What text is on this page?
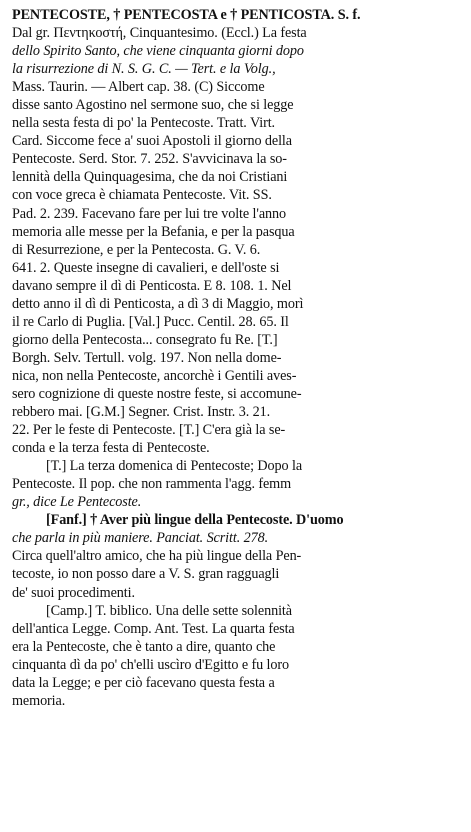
PENTECOSTE, † PENTECOSTA e † PENTICOSTA. S. f.
Dal gr. Πεντηκοστή, Cinquantesimo. (Eccl.) La festa
dello Spirito Santo, che viene cinquanta giorni dopo
la risurrezione di N. S. G. C. — Tert. e la Volg.,
Mass. Taurin. — Albert cap. 38. (C) Siccome
disse santo Agostino nel sermone suo, che si legge
nella sesta festa di po' la Pentecoste. Tratt. Virt.
Card. Siccome fece a' suoi Apostoli il giorno della
Pentecoste. Serd. Stor. 7. 252. S'avvicinava la so-
lennità della Quinquagesima, che da noi Cristiani
con voce greca è chiamata Pentecoste. Vit. SS.
Pad. 2. 239. Facevano fare per lui tre volte l'anno
memoria alle messe per la Befania, e per la pasqua
di Resurrezione, e per la Pentecosta. G. V. 6.
641. 2. Queste insegne di cavalieri, e dell'oste si
davano sempre il dì di Penticosta. E 8. 108. 1. Nel
detto anno il dì di Penticosta, a dì 3 di Maggio, morì
il re Carlo di Puglia. [Val.] Pucc. Centil. 28. 65. Il
giorno della Pentecosta... consegrato fu Re. [T.]
Borgh. Selv. Tertull. volg. 197. Non nella dome-
nica, non nella Pentecoste, ancorchè i Gentili aves-
sero cognizione di queste nostre feste, si accomune-
rebbero mai. [G.M.] Segner. Crist. Instr. 3. 21.
22. Per le feste di Pentecoste. [T.] C'era già la se-
conda e la terza festa di Pentecoste.
[T.] La terza domenica di Pentecoste; Dopo la
Pentecoste. Il pop. che non rammenta l'agg. femm
gr., dice Le Pentecoste.
[Fanf.] † Aver più lingue della Pentecoste. D'uomo
che parla in più maniere. Panciat. Scritt. 278.
Circa quell'altro amico, che ha più lingue della Pen-
tecoste, io non posso dare a V. S. gran ragguagli
de' suoi procedimenti.
[Camp.] T. biblico. Una delle sette solennità
dell'antica Legge. Comp. Ant. Test. La quarta festa
era la Pentecoste, che è tanto a dire, quanto che
cinquanta dì da po' ch'elli uscìro d'Egitto e fu loro
data la Legge; e per ciò facevano questa festa a
memoria.
